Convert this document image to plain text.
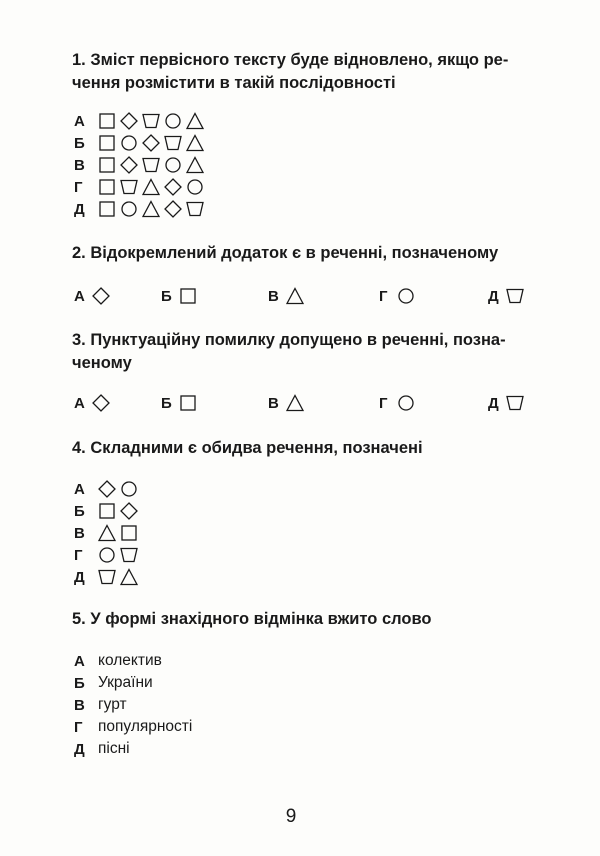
1. Зміст первісного тексту буде відновлено, якщо ре-
чення розмістити в такій послідовності
А
Б
В
Г
Д
2. Відокремлений додаток є в реченні, позначеному
А	Б	В	Г	Д
3. Пунктуаційну помилку допущено в реченні, позна-
ченому
А	Б	В	Г	Д
4. Складними є обидва речення, позначені
А
Б
В
Г
Д
5. У формі знахідного відмінка вжито слово
А колектив
Б України
В гурт
Г популярності
Д пісні
9
